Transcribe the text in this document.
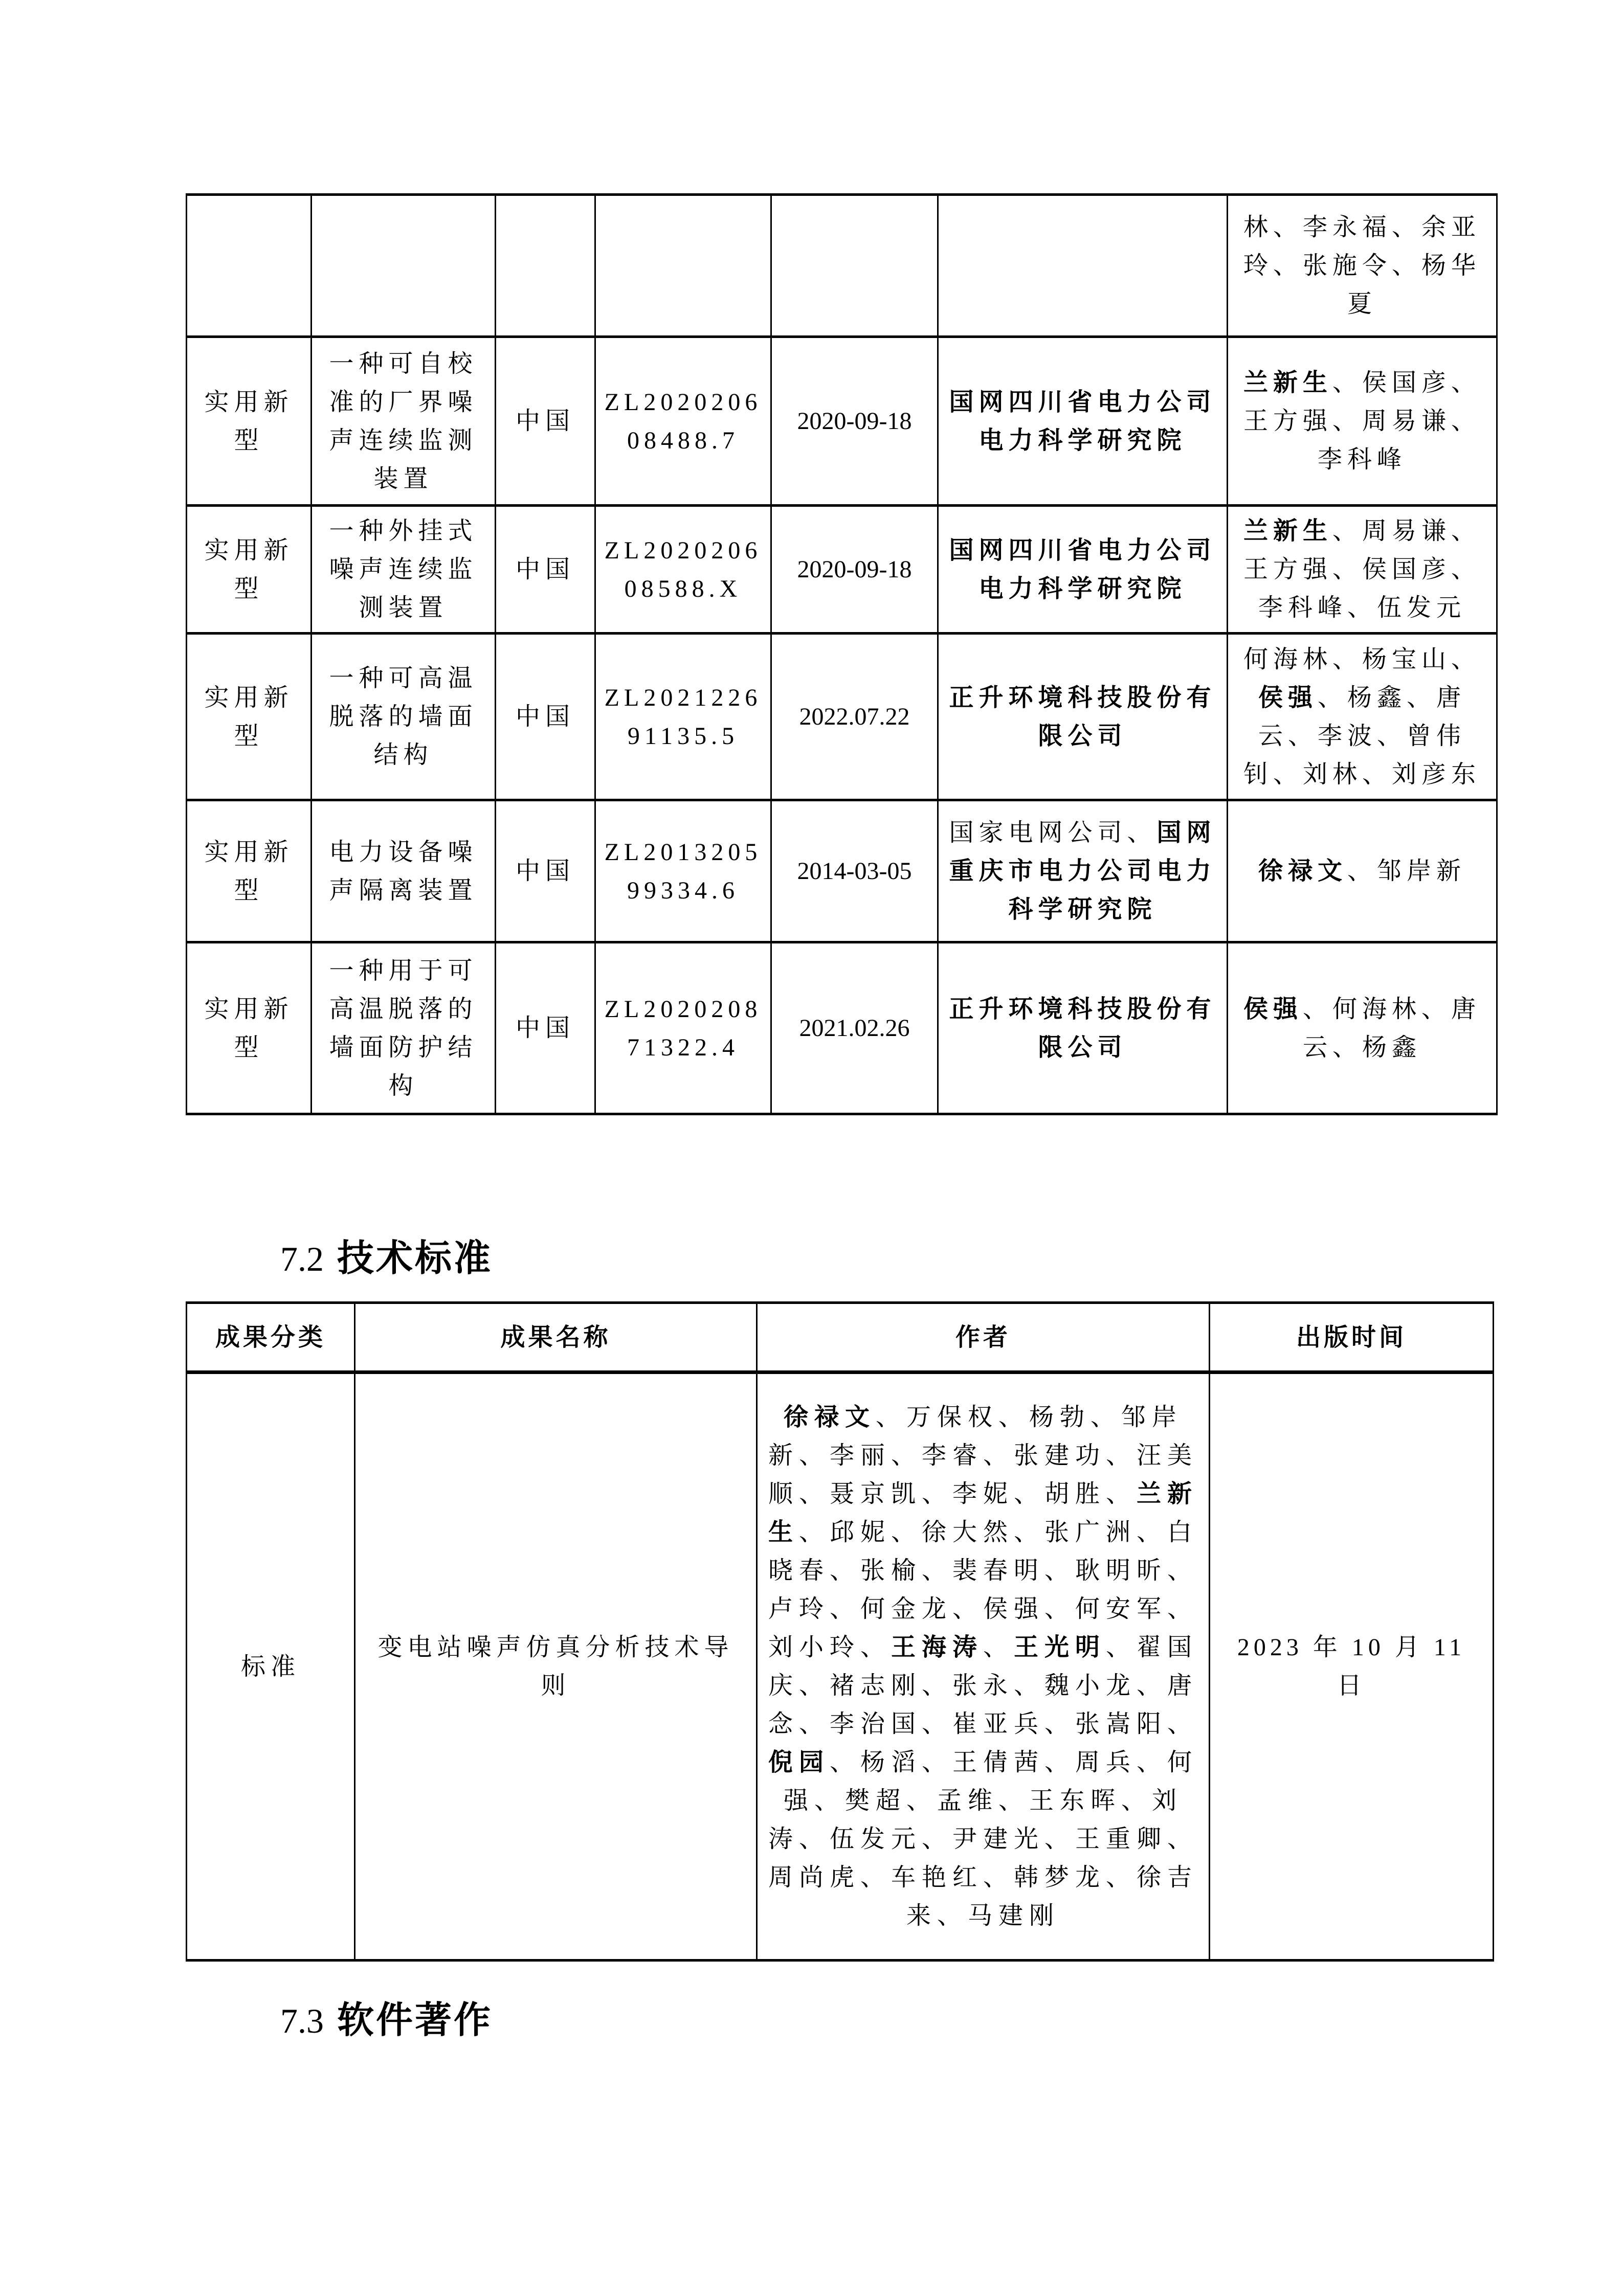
						林、李永福、余亚玲、张施令、杨华夏
实用新型	一种可自校准的厂界噪声连续监测装置	中国	ZL202020608488.7	2020-09-18	国网四川省电力公司电力科学研究院	兰新生、侯国彦、王方强、周易谦、李科峰
实用新型	一种外挂式噪声连续监测装置	中国	ZL202020608588.X	2020-09-18	国网四川省电力公司电力科学研究院	兰新生、周易谦、王方强、侯国彦、李科峰、伍发元
实用新型	一种可高温脱落的墙面结构	中国	ZL202122691135.5	2022.07.22	正升环境科技股份有限公司	何海林、杨宝山、侯强、杨鑫、唐云、李波、曾伟钊、刘林、刘彦东
实用新型	电力设备噪声隔离装置	中国	ZL201320599334.6	2014-03-05	国家电网公司、国网重庆市电力公司电力科学研究院	徐禄文、邹岸新
实用新型	一种用于可高温脱落的墙面防护结构	中国	ZL202020871322.4	2021.02.26	正升环境科技股份有限公司	侯强、何海林、唐云、杨鑫
7.2 技术标准
成果分类	成果名称	作者	出版时间
标准	变电站噪声仿真分析技术导则	徐禄文、万保权、杨勃、邹岸新、李丽、李睿、张建功、汪美顺、聂京凯、李妮、胡胜、兰新生、邱妮、徐大然、张广洲、白晓春、张榆、裴春明、耿明昕、卢玲、何金龙、侯强、何安军、刘小玲、王海涛、王光明、翟国庆、褚志刚、张永、魏小龙、唐念、李治国、崔亚兵、张嵩阳、倪园、杨滔、王倩茜、周兵、何强、樊超、孟维、王东晖、刘涛、伍发元、尹建光、王重卿、周尚虎、车艳红、韩梦龙、徐吉来、马建刚	2023 年 10 月 11 日
7.3 软件著作
